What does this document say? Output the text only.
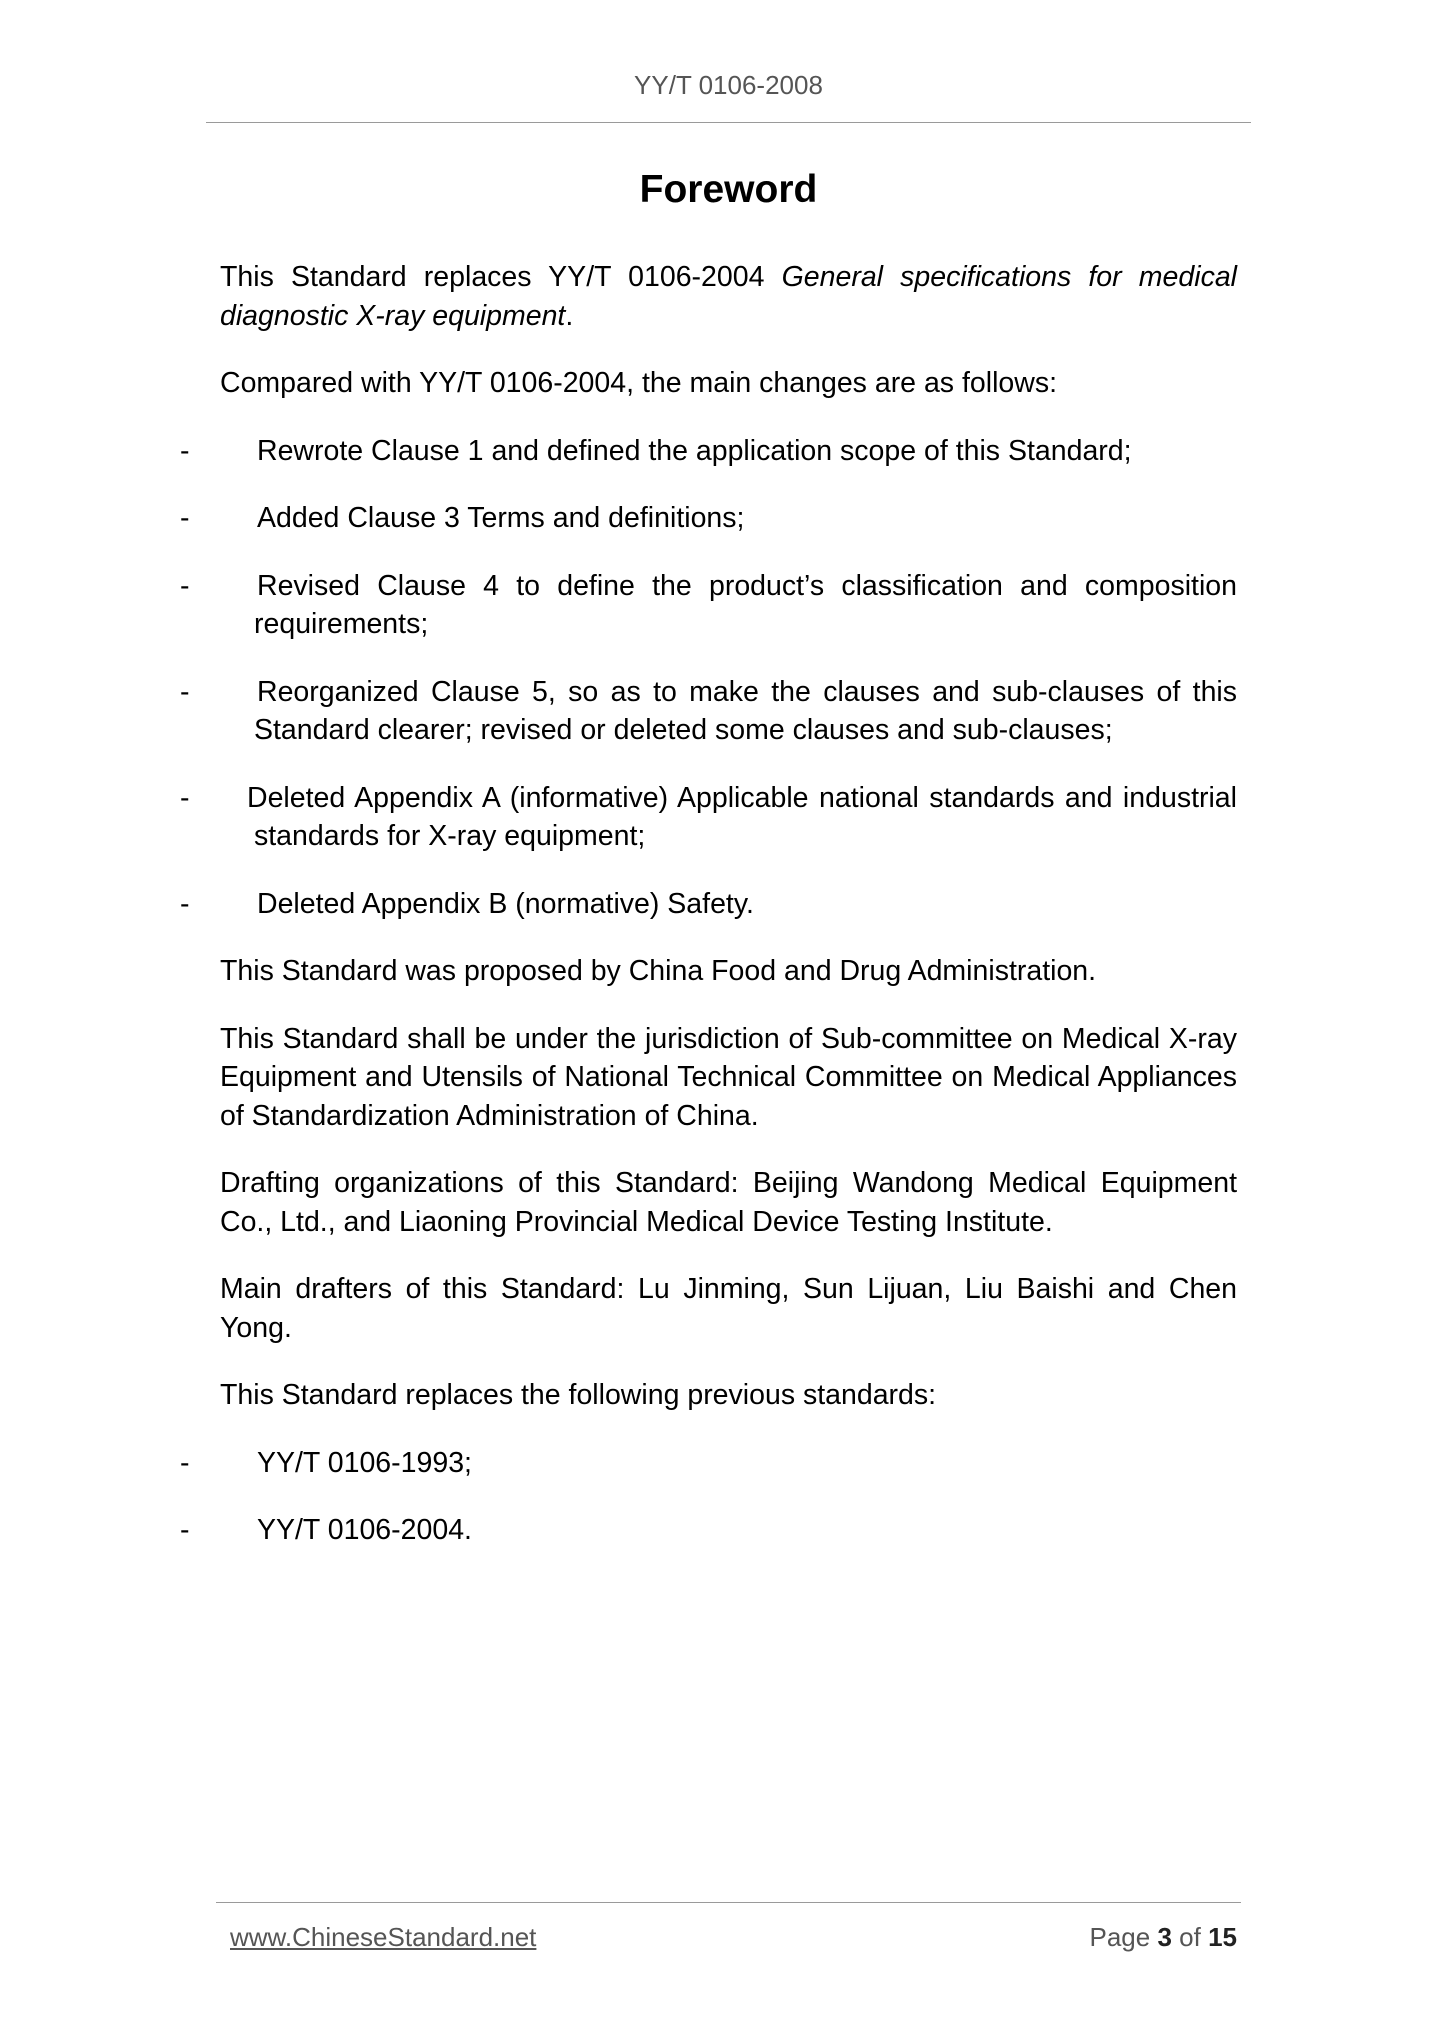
YY/T 0106-2008
Foreword

This Standard replaces YY/T 0106-2004 General specifications for medical diagnostic X-ray equipment.

Compared with YY/T 0106-2004, the main changes are as follows:

- Rewrote Clause 1 and defined the application scope of this Standard;
- Added Clause 3 Terms and definitions;
- Revised Clause 4 to define the product’s classification and composition requirements;
- Reorganized Clause 5, so as to make the clauses and sub-clauses of this Standard clearer; revised or deleted some clauses and sub-clauses;
- Deleted Appendix A (informative) Applicable national standards and industrial standards for X-ray equipment;
- Deleted Appendix B (normative) Safety.

This Standard was proposed by China Food and Drug Administration.

This Standard shall be under the jurisdiction of Sub-committee on Medical X-ray Equipment and Utensils of National Technical Committee on Medical Appliances of Standardization Administration of China.

Drafting organizations of this Standard: Beijing Wandong Medical Equipment Co., Ltd., and Liaoning Provincial Medical Device Testing Institute.

Main drafters of this Standard: Lu Jinming, Sun Lijuan, Liu Baishi and Chen Yong.

This Standard replaces the following previous standards:

- YY/T 0106-1993;
- YY/T 0106-2004.
www.ChineseStandard.net	Page 3 of 15
